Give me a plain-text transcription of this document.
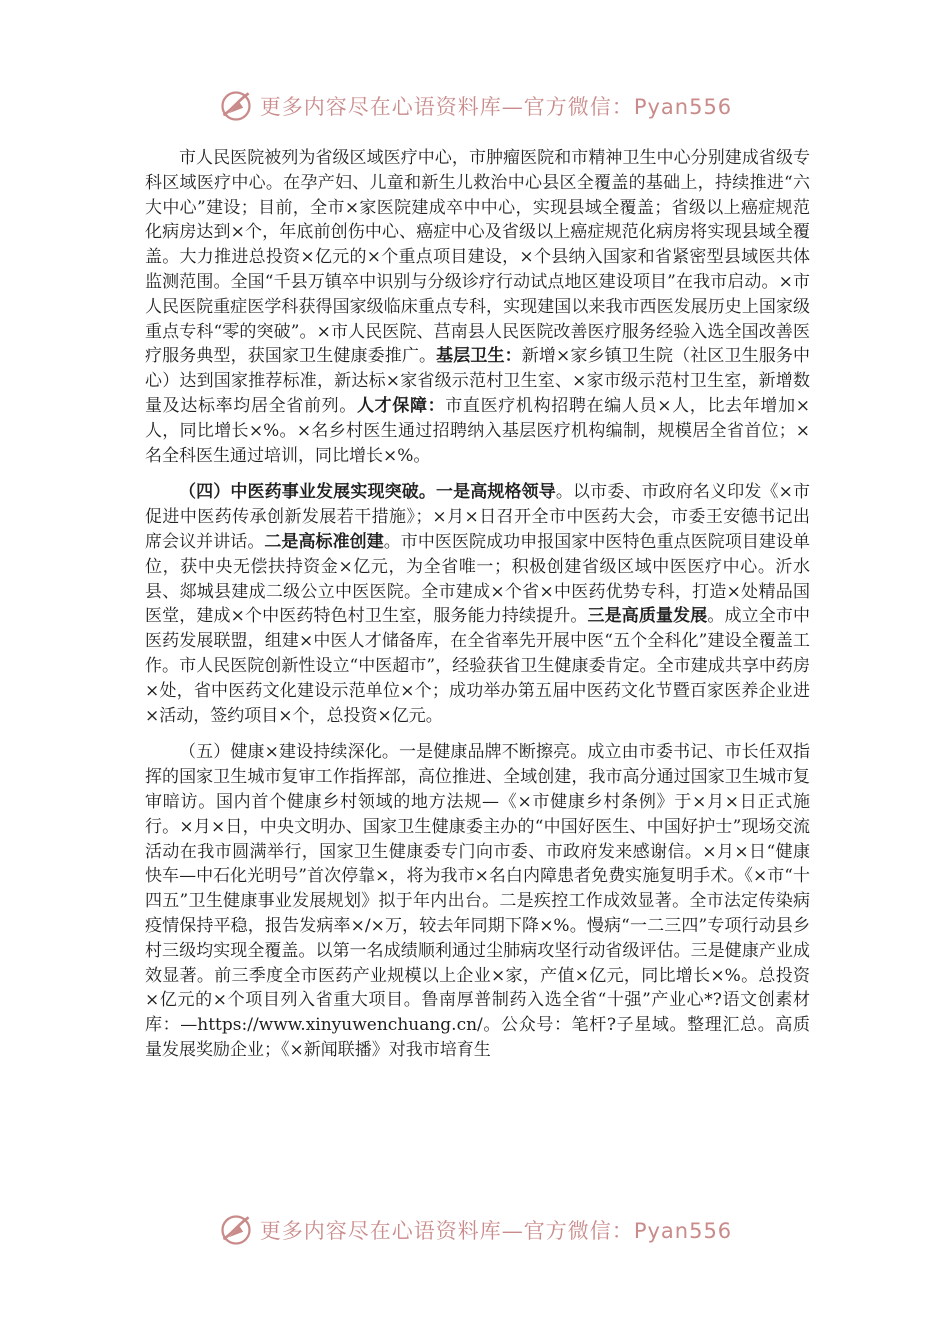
更多内容尽在心语资料库—官方微信：Pyan556

市人民医院被列为省级区域医疗中心，市肿瘤医院和市精神卫生中心分别建成省级专科区域医疗中心。在孕产妇、儿童和新生儿救治中心县区全覆盖的基础上，持续推进“六大中心”建设；目前，全市×家医院建成卒中中心，实现县域全覆盖；省级以上癌症规范化病房达到×个，年底前创伤中心、癌症中心及省级以上癌症规范化病房将实现县域全覆盖。大力推进总投资×亿元的×个重点项目建设，×个县纳入国家和省紧密型县域医共体监测范围。全国“千县万镇卒中识别与分级诊疗行动试点地区建设项目”在我市启动。×市人民医院重症医学科获得国家级临床重点专科，实现建国以来我市西医发展历史上国家级重点专科“零的突破”。×市人民医院、莒南县人民医院改善医疗服务经验入选全国改善医疗服务典型，获国家卫生健康委推广。基层卫生：新增×家乡镇卫生院（社区卫生服务中心）达到国家推荐标准，新达标×家省级示范村卫生室、×家市级示范村卫生室，新增数量及达标率均居全省前列。人才保障：市直医疗机构招聘在编人员×人，比去年增加×人，同比增长×%。×名乡村医生通过招聘纳入基层医疗机构编制，规模居全省首位；×名全科医生通过培训，同比增长×%。

（四）中医药事业发展实现突破。一是高规格领导。以市委、市政府名义印发《×市促进中医药传承创新发展若干措施》；×月×日召开全市中医药大会，市委王安德书记出席会议并讲话。二是高标准创建。市中医医院成功申报国家中医特色重点医院项目建设单位，获中央无偿扶持资金×亿元，为全省唯一；积极创建省级区域中医医疗中心。沂水县、郯城县建成二级公立中医医院。全市建成×个省×中医药优势专科，打造×处精品国医堂，建成×个中医药特色村卫生室，服务能力持续提升。三是高质量发展。成立全市中医药发展联盟，组建×中医人才储备库，在全省率先开展中医“五个全科化”建设全覆盖工作。市人民医院创新性设立“中医超市”，经验获省卫生健康委肯定。全市建成共享中药房×处，省中医药文化建设示范单位×个；成功举办第五届中医药文化节暨百家医养企业进×活动，签约项目×个，总投资×亿元。

（五）健康×建设持续深化。一是健康品牌不断擦亮。成立由市委书记、市长任双指挥的国家卫生城市复审工作指挥部，高位推进、全域创建，我市高分通过国家卫生城市复审暗访。国内首个健康乡村领域的地方法规—《×市健康乡村条例》于×月×日正式施行。×月×日，中央文明办、国家卫生健康委主办的“中国好医生、中国好护士”现场交流活动在我市圆满举行，国家卫生健康委专门向市委、市政府发来感谢信。×月×日“健康快车—中石化光明号”首次停靠×，将为我市×名白内障患者免费实施复明手术。《×市“十四五”卫生健康事业发展规划》拟于年内出台。二是疾控工作成效显著。全市法定传染病疫情保持平稳，报告发病率×/×万，较去年同期下降×%。慢病“一二三四”专项行动县乡村三级均实现全覆盖。以第一名成绩顺利通过尘肺病攻坚行动省级评估。三是健康产业成效显著。前三季度全市医药产业规模以上企业×家，产值×亿元，同比增长×%。总投资×亿元的×个项目列入省重大项目。鲁南厚普制药入选全省“十强”产业心*?语文创素材库：—https://www.xinyuwenchuang.cn/。公众号：笔杆?子星域。整理汇总。高质量发展奖励企业；《×新闻联播》对我市培育生

更多内容尽在心语资料库—官方微信：Pyan556
